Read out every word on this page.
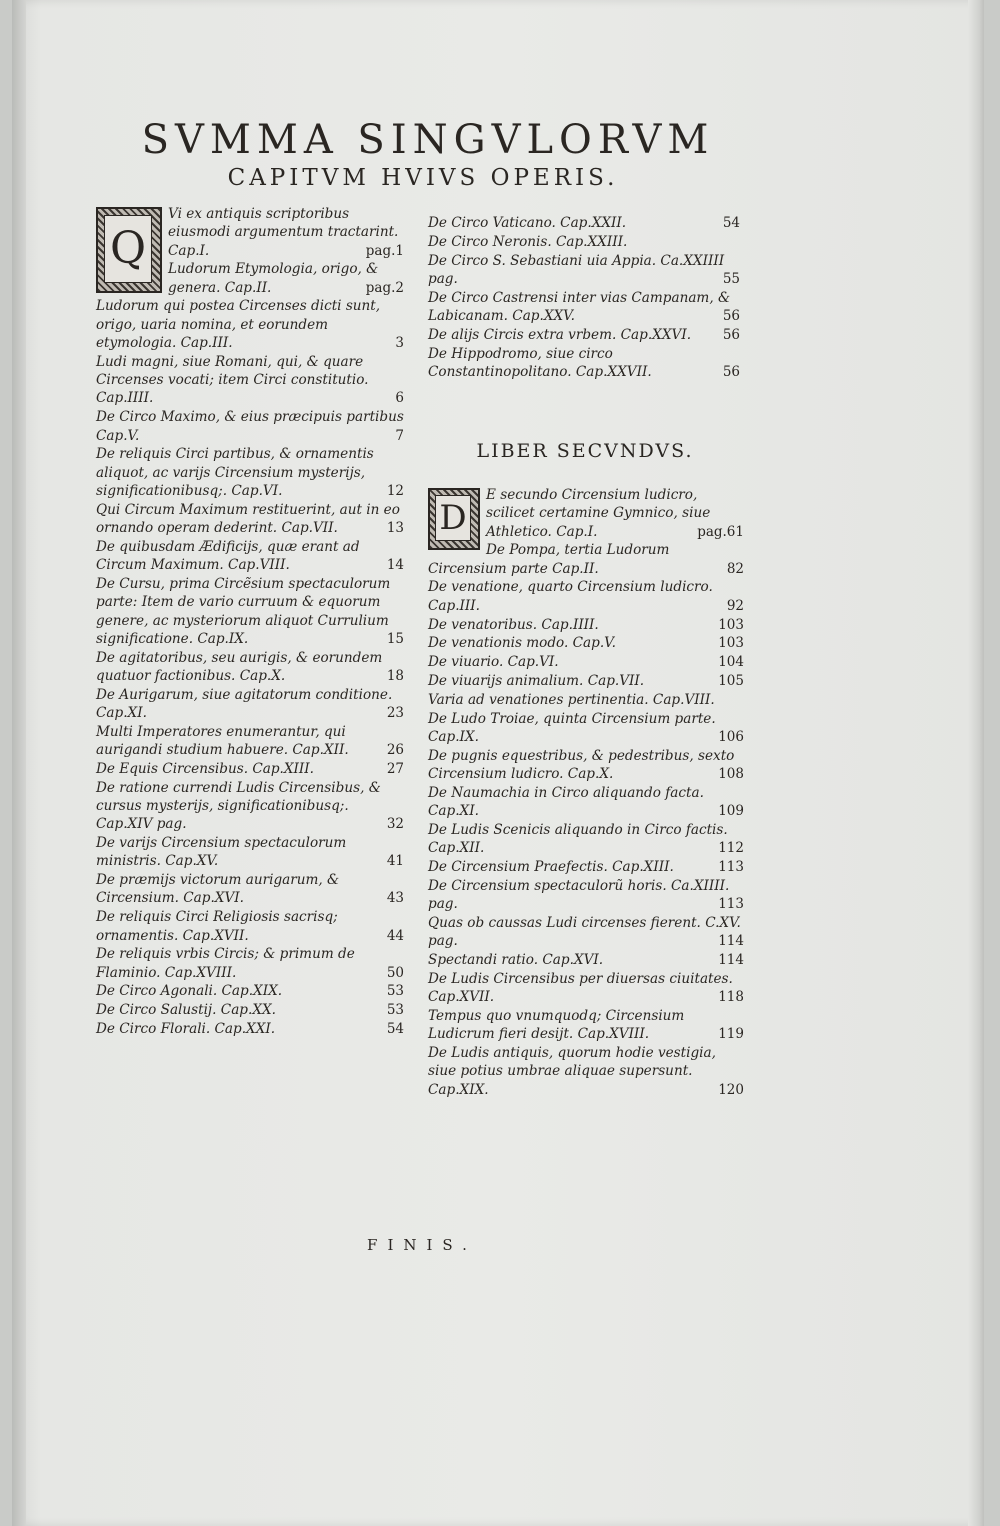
SVMMA SINGVLORVM
CAPITVM HVIVS OPERIS.
Q
Vi ex antiquis scriptoribus eiusmodi argumentum tractarint. Cap.I.	pag.1
Ludorum Etymologia, origo, & genera. Cap.II.	pag.2
Ludorum qui postea Circenses dicti sunt, origo, uaria nomina, et eorundem etymologia. Cap.III.	3
Ludi magni, siue Romani, qui, & quare Circenses vocati; item Circi constitutio. Cap.IIII.	6
De Circo Maximo, & eius præcipuis partibus Cap.V.	7
De reliquis Circi partibus, & ornamentis aliquot, ac varijs Circensium mysterijs, significationibusq;. Cap.VI.	12
Qui Circum Maximum restituerint, aut in eo ornando operam dederint. Cap.VII.	13
De quibusdam Ædificijs, quæ erant ad Circum Maximum. Cap.VIII.	14
De Cursu, prima Circẽsium spectaculorum parte: Item de vario curruum & equorum genere, ac mysteriorum aliquot Currulium significatione. Cap.IX.	15
De agitatoribus, seu aurigis, & eorundem quatuor factionibus. Cap.X.	18
De Aurigarum, siue agitatorum conditione. Cap.XI.	23
Multi Imperatores enumerantur, qui aurigandi studium habuere. Cap.XII.	26
De Equis Circensibus. Cap.XIII.	27
De ratione currendi Ludis Circensibus, & cursus mysterijs, significationibusq;. Cap.XIV pag.	32
De varijs Circensium spectaculorum ministris. Cap.XV.	41
De præmijs victorum aurigarum, & Circensium. Cap.XVI.	43
De reliquis Circi Religiosis sacrisq; ornamentis. Cap.XVII.	44
De reliquis vrbis Circis; & primum de Flaminio. Cap.XVIII.	50
De Circo Agonali. Cap.XIX.	53
De Circo Salustij. Cap.XX.	53
De Circo Florali. Cap.XXI.	54
De Circo Vaticano. Cap.XXII.	54
De Circo Neronis. Cap.XXIII.
De Circo S. Sebastiani uia Appia. Ca.XXIIII pag.	55
De Circo Castrensi inter vias Campanam, & Labicanam. Cap.XXV.	56
De alijs Circis extra vrbem. Cap.XXVI.	56
De Hippodromo, siue circo Constantinopolitano. Cap.XXVII.	56
LIBER SECVNDVS.
D
E secundo Circensium ludicro, scilicet certamine Gymnico, siue Athletico. Cap.I.	pag.61
De Pompa, tertia Ludorum Circensium parte Cap.II.	82
De venatione, quarto Circensium ludicro. Cap.III.	92
De venatoribus. Cap.IIII.	103
De venationis modo. Cap.V.	103
De viuario. Cap.VI.	104
De viuarijs animalium. Cap.VII.	105
Varia ad venationes pertinentia. Cap.VIII.
De Ludo Troiae, quinta Circensium parte. Cap.IX.	106
De pugnis equestribus, & pedestribus, sexto Circensium ludicro. Cap.X.	108
De Naumachia in Circo aliquando facta. Cap.XI.	109
De Ludis Scenicis aliquando in Circo factis. Cap.XII.	112
De Circensium Praefectis. Cap.XIII.	113
De Circensium spectaculorũ horis. Ca.XIIII. pag.	113
Quas ob caussas Ludi circenses fierent. C.XV. pag.	114
Spectandi ratio. Cap.XVI.	114
De Ludis Circensibus per diuersas ciuitates. Cap.XVII.	118
Tempus quo vnumquodq; Circensium Ludicrum fieri desijt. Cap.XVIII.	119
De Ludis antiquis, quorum hodie vestigia, siue potius umbrae aliquae supersunt. Cap.XIX.	120
FINIS.
